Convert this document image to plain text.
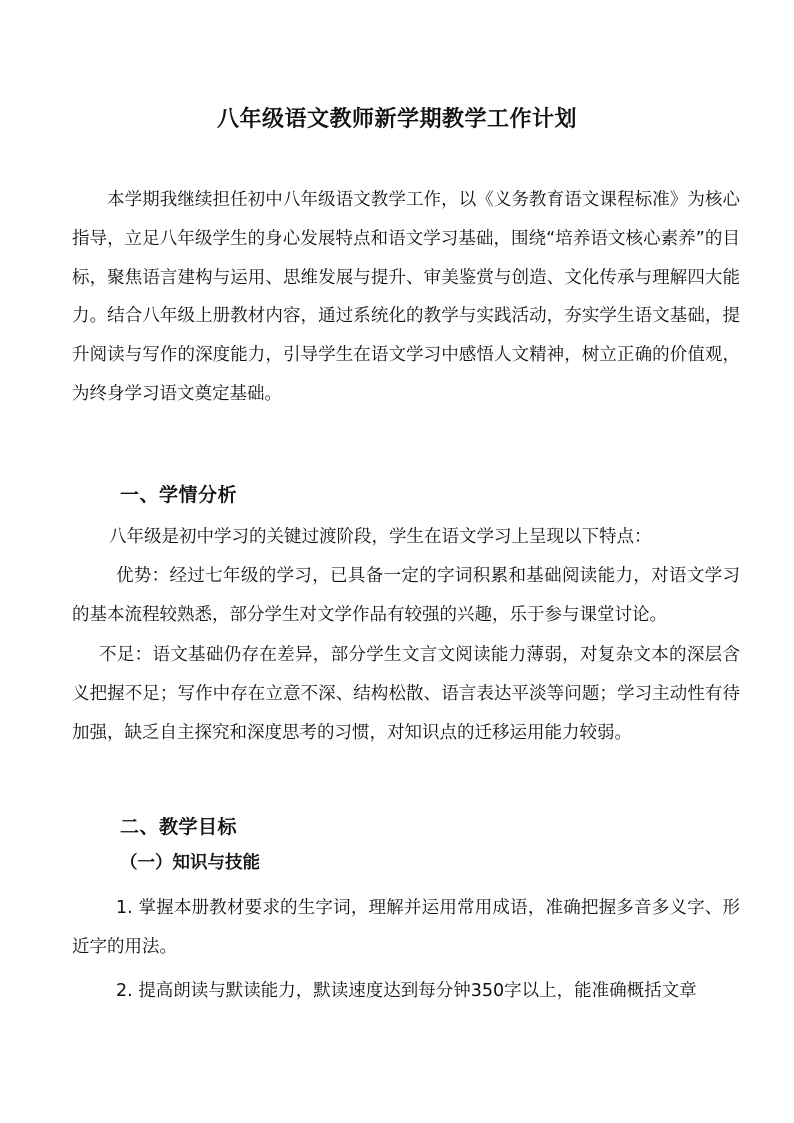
八年级语文教师新学期教学工作计划

本学期我继续担任初中八年级语文教学工作，以《义务教育语文课程标准》为核心指导，立足八年级学生的身心发展特点和语文学习基础，围绕“培养语文核心素养”的目标，聚焦语言建构与运用、思维发展与提升、审美鉴赏与创造、文化传承与理解四大能力。结合八年级上册教材内容，通过系统化的教学与实践活动，夯实学生语文基础，提升阅读与写作的深度能力，引导学生在语文学习中感悟人文精神，树立正确的价值观，为终身学习语文奠定基础。

一、学情分析

八年级是初中学习的关键过渡阶段，学生在语文学习上呈现以下特点：

优势：经过七年级的学习，已具备一定的字词积累和基础阅读能力，对语文学习的基本流程较熟悉，部分学生对文学作品有较强的兴趣，乐于参与课堂讨论。

不足：语文基础仍存在差异，部分学生文言文阅读能力薄弱，对复杂文本的深层含义把握不足；写作中存在立意不深、结构松散、语言表达平淡等问题；学习主动性有待加强，缺乏自主探究和深度思考的习惯，对知识点的迁移运用能力较弱。

二、教学目标
（一）知识与技能

1. 掌握本册教材要求的生字词，理解并运用常用成语，准确把握多音多义字、形近字的用法。

2. 提高朗读与默读能力，默读速度达到每分钟350字以上，能准确概括文章
